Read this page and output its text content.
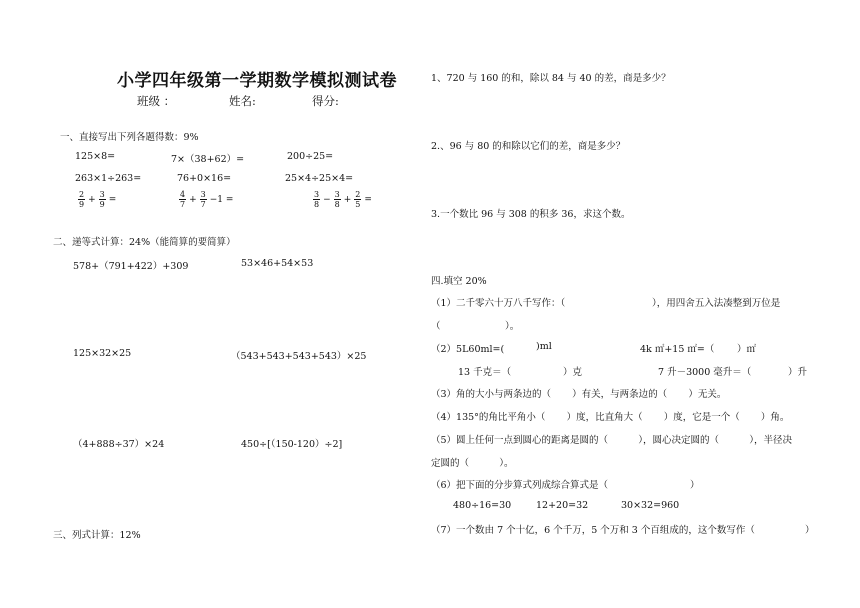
小学四年级第一学期数学模拟测试卷
班级 ：	姓名:	得分:
一、直接写出下列各题得数：9%
125×8=	7×（38+62）=	200÷25=
263×1÷263=	76+0×16=	25×4÷25×4=
$\frac{2}{9} + \frac{3}{9}$ =	$\frac{4}{7} + \frac{3}{7} -1$ =	$\frac{3}{8} - \frac{3}{8} + \frac{2}{5}$ =
二、递等式计算：24%（能简算的要简算）
578+（791+422）+309	53×46+54×53
125×32×25	（543+543+543+543）×25
（4+888÷37）×24	450÷[（150-120）÷2]
三、列式计算：12%
1、720 与 160 的和，除以 84 与 40 的差，商是多少？
2.、96 与 80 的和除以它们的差，商是多少？
3.一个数比 96 与 308 的积多 36，求这个数。
四.填空 20%
（1）二千零六十万八千写作：（	），用四舍五入法凑整到万位是
（	）。
（2）5L60ml=(	)ml	4k ㎡+15 ㎡=（ ）㎡
13 千克＝（	）克	7 升－3000 毫升＝（	）升
（3）角的大小与两条边的（       ）有关，与两条边的（       ）无关。
（4）135°的角比平角小（       ）度，比直角大（       ）度，它是一个（       ）角。
（5）圆上任何一点到圆心的距离是圆的（          ），圆心决定圆的（          ），半径决
定圆的（          ）。
（6）把下面的分步算式列成综合算式是（	）
480÷16=30	12+20=32	30×32=960
（7）一个数由 7 个十亿，6 个千万，5 个万和 3 个百组成的，这个数写作（	）
